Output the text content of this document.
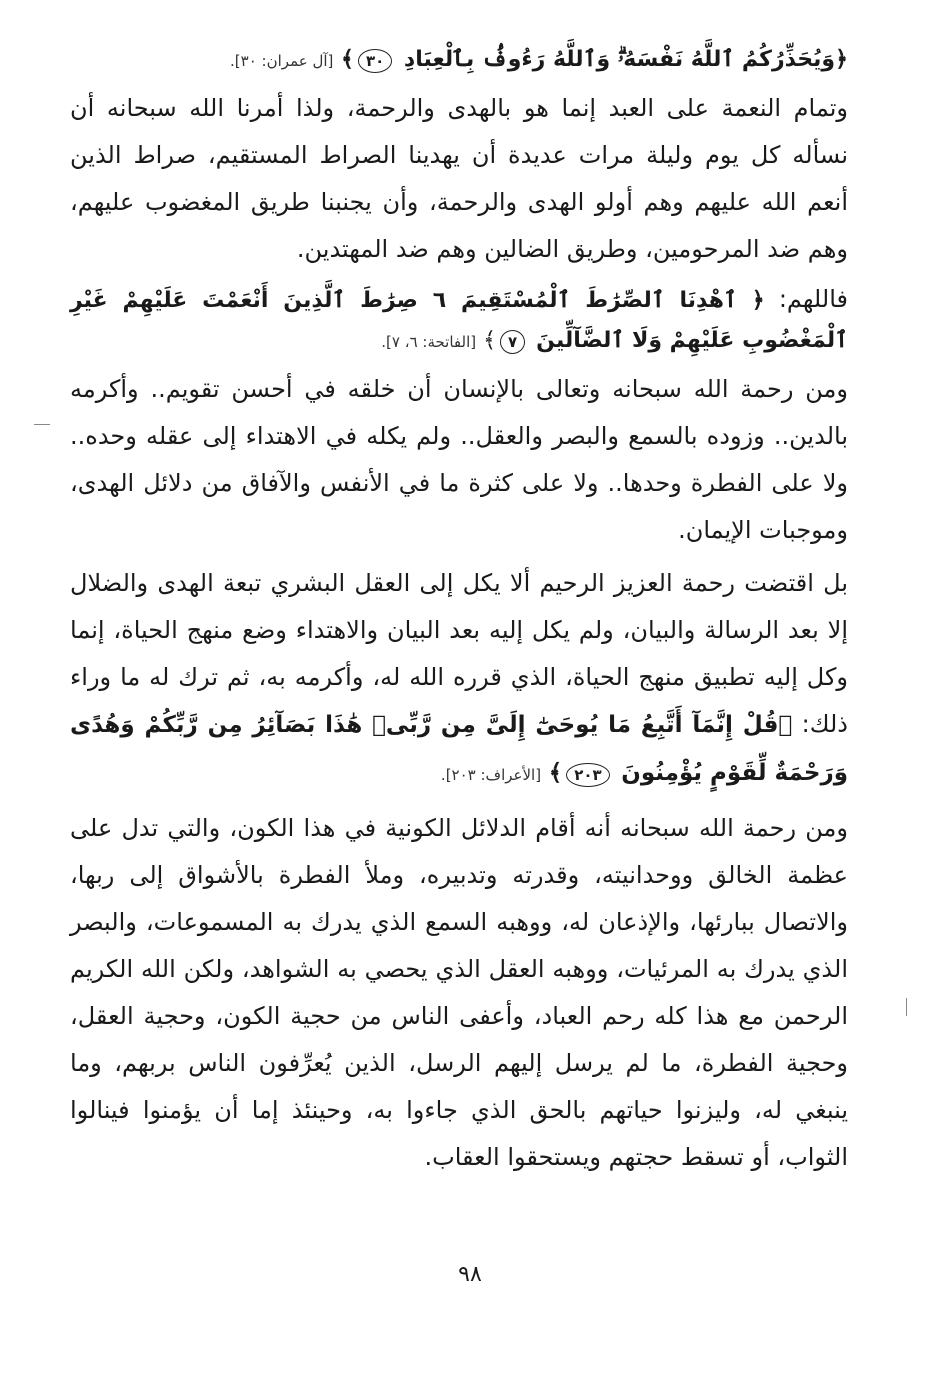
﴿وَيُحَذِّرُكُمُ ٱللَّهُ نَفْسَهُۥۗ وَٱللَّهُ رَءُوفُۢ بِٱلْعِبَادِ ٣٠﴾ [آل عمران: ٣٠].

وتمام النعمة على العبد إنما هو بالهدى والرحمة، ولذا أمرنا الله سبحانه أن نسأله كل يوم وليلة مرات عديدة أن يهدينا الصراط المستقيم، صراط الذين أنعم الله عليهم وهم أولو الهدى والرحمة، وأن يجنبنا طريق المغضوب عليهم، وهم ضد المرحومين، وطريق الضالين وهم ضد المهتدين.

فاللهم: ﴿ ٱهْدِنَا ٱلصِّرَٰطَ ٱلْمُسْتَقِيمَ ٦ صِرَٰطَ ٱلَّذِينَ أَنْعَمْتَ عَلَيْهِمْ غَيْرِ ٱلْمَغْضُوبِ عَلَيْهِمْ وَلَا ٱلضَّآلِّينَ ٧﴾ [الفاتحة: ٦، ٧].

ومن رحمة الله سبحانه وتعالى بالإنسان أن خلقه في أحسن تقويم.. وأكرمه بالدين.. وزوده بالسمع والبصر والعقل.. ولم يكله في الاهتداء إلى عقله وحده.. ولا على الفطرة وحدها.. ولا على كثرة ما في الأنفس والآفاق من دلائل الهدى، وموجبات الإيمان.

بل اقتضت رحمة العزيز الرحيم ألا يكل إلى العقل البشري تبعة الهدى والضلال إلا بعد الرسالة والبيان، ولم يكل إليه بعد البيان والاهتداء وضع منهج الحياة، إنما وكل إليه تطبيق منهج الحياة، الذي قرره الله له، وأكرمه به، ثم ترك له ما وراء ذلك: ﴿قُلْ إِنَّمَآ أَتَّبِعُ مَا يُوحَىٰٓ إِلَىَّ مِن رَّبِّىۚ هَٰذَا بَصَآئِرُ مِن رَّبِّكُمْ وَهُدًى وَرَحْمَةٌ لِّقَوْمٍ يُؤْمِنُونَ ٢٠٣﴾ [الأعراف: ٢٠٣].

ومن رحمة الله سبحانه أنه أقام الدلائل الكونية في هذا الكون، والتي تدل على عظمة الخالق ووحدانيته، وقدرته وتدبيره، وملأ الفطرة بالأشواق إلى ربها، والاتصال ببارئها، والإذعان له، ووهبه السمع الذي يدرك به المسموعات، والبصر الذي يدرك به المرئيات، ووهبه العقل الذي يحصي به الشواهد، ولكن الله الكريم الرحمن مع هذا كله رحم العباد، وأعفى الناس من حجية الكون، وحجية العقل، وحجية الفطرة، ما لم يرسل إليهم الرسل، الذين يُعرِّفون الناس بربهم، وما ينبغي له، وليزنوا حياتهم بالحق الذي جاءوا به، وحينئذ إما أن يؤمنوا فينالوا الثواب، أو تسقط حجتهم ويستحقوا العقاب.

٩٨
